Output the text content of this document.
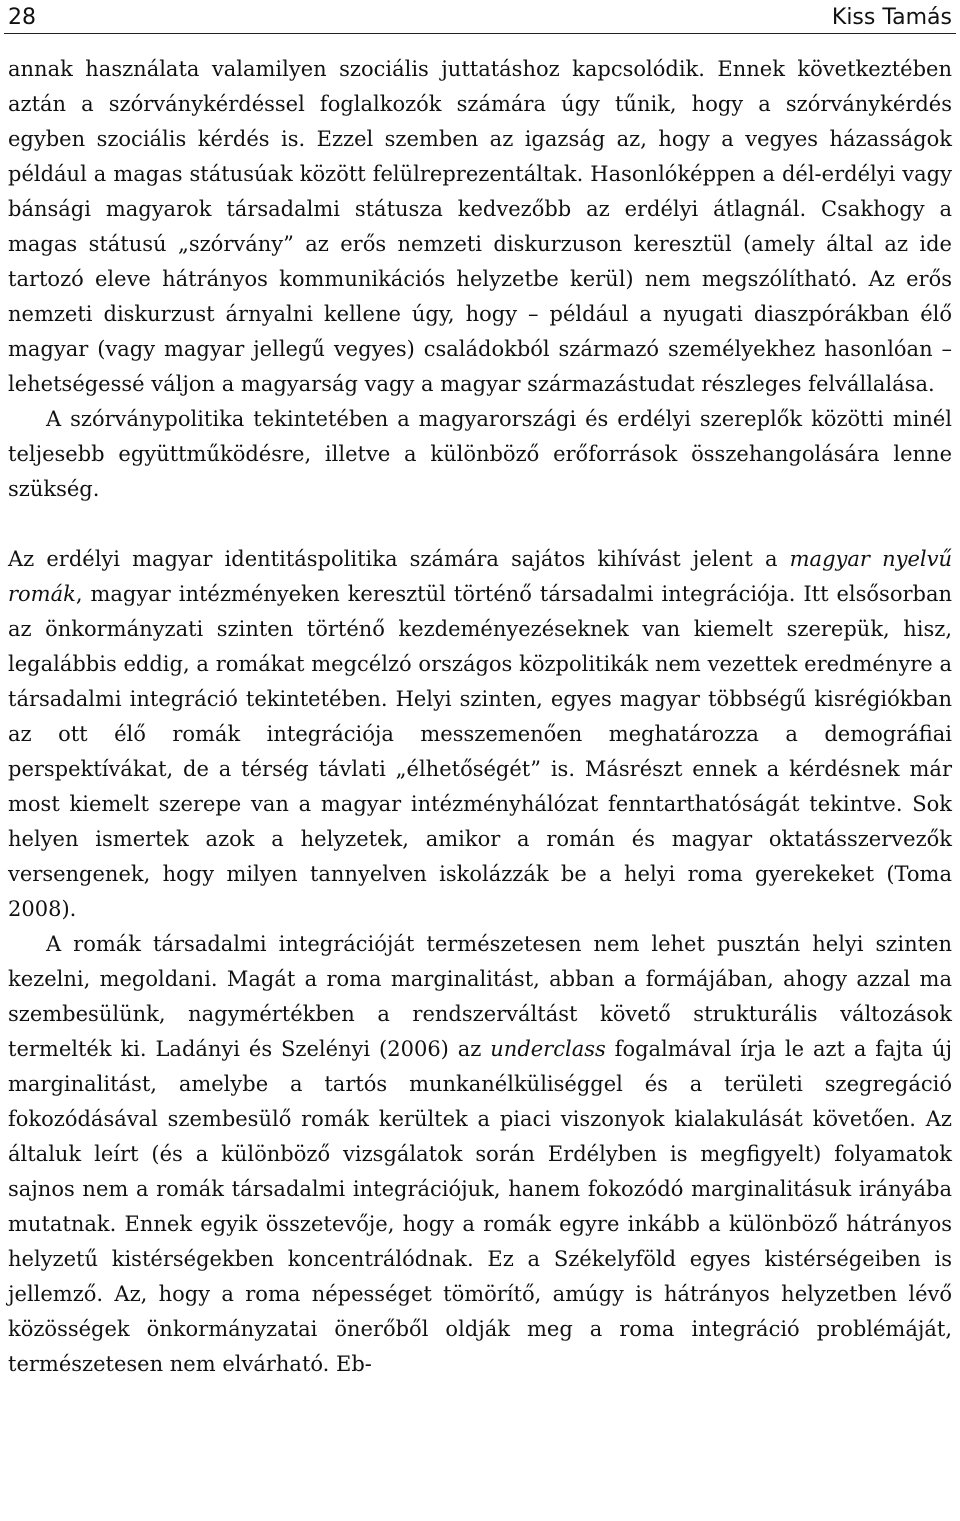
28	Kiss Tamás

annak használata valamilyen szociális juttatáshoz kapcsolódik. Ennek következtében aztán a szórványkérdéssel foglalkozók számára úgy tűnik, hogy a szórványkérdés egyben szociális kérdés is. Ezzel szemben az igazság az, hogy a vegyes házasságok például a magas státusúak között felülreprezentáltak. Hasonlóképpen a dél-erdélyi vagy bánsági magyarok társadalmi státusza kedvezőbb az erdélyi átlagnál. Csakhogy a magas státusú „szórvány” az erős nemzeti diskurzuson keresztül (amely által az ide tartozó eleve hátrányos kommunikációs helyzetbe kerül) nem megszólítható. Az erős nemzeti diskurzust árnyalni kellene úgy, hogy – például a nyugati diaszpórákban élő magyar (vagy magyar jellegű vegyes) családokból származó személyekhez hasonlóan – lehetségessé váljon a magyarság vagy a magyar származástudat részleges felvállalása.

A szórványpolitika tekintetében a magyarországi és erdélyi szereplők közötti minél teljesebb együttműködésre, illetve a különböző erőforrások összehangolására lenne szükség.

Az erdélyi magyar identitáspolitika számára sajátos kihívást jelent a magyar nyelvű romák, magyar intézményeken keresztül történő társadalmi integrációja. Itt elsősorban az önkormányzati szinten történő kezdeményezéseknek van kiemelt szerepük, hisz, legalábbis eddig, a romákat megcélzó országos közpolitikák nem vezettek eredményre a társadalmi integráció tekintetében. Helyi szinten, egyes magyar többségű kisrégiókban az ott élő romák integrációja messzemenően meghatározza a demográfiai perspektívákat, de a térség távlati „élhetőségét” is. Másrészt ennek a kérdésnek már most kiemelt szerepe van a magyar intézményhálózat fenntarthatóságát tekintve. Sok helyen ismertek azok a helyzetek, amikor a román és magyar oktatásszervezők versengenek, hogy milyen tannyelven iskolázzák be a helyi roma gyerekeket (Toma 2008).

A romák társadalmi integrációját természetesen nem lehet pusztán helyi szinten kezelni, megoldani. Magát a roma marginalitást, abban a formájában, ahogy azzal ma szembesülünk, nagymértékben a rendszerváltást követő strukturális változások termelték ki. Ladányi és Szelényi (2006) az underclass fogalmával írja le azt a fajta új marginalitást, amelybe a tartós munkanélküliséggel és a területi szegregáció fokozódásával szembesülő romák kerültek a piaci viszonyok kialakulását követően. Az általuk leírt (és a különböző vizsgálatok során Erdélyben is megfigyelt) folyamatok sajnos nem a romák társadalmi integrációjuk, hanem fokozódó marginalitásuk irányába mutatnak. Ennek egyik összetevője, hogy a romák egyre inkább a különböző hátrányos helyzetű kistérségekben koncentrálódnak. Ez a Székelyföld egyes kistérségeiben is jellemző. Az, hogy a roma népességet tömörítő, amúgy is hátrányos helyzetben lévő közösségek önkormányzatai önerőből oldják meg a roma integráció problémáját, természetesen nem elvárható. Eb-
